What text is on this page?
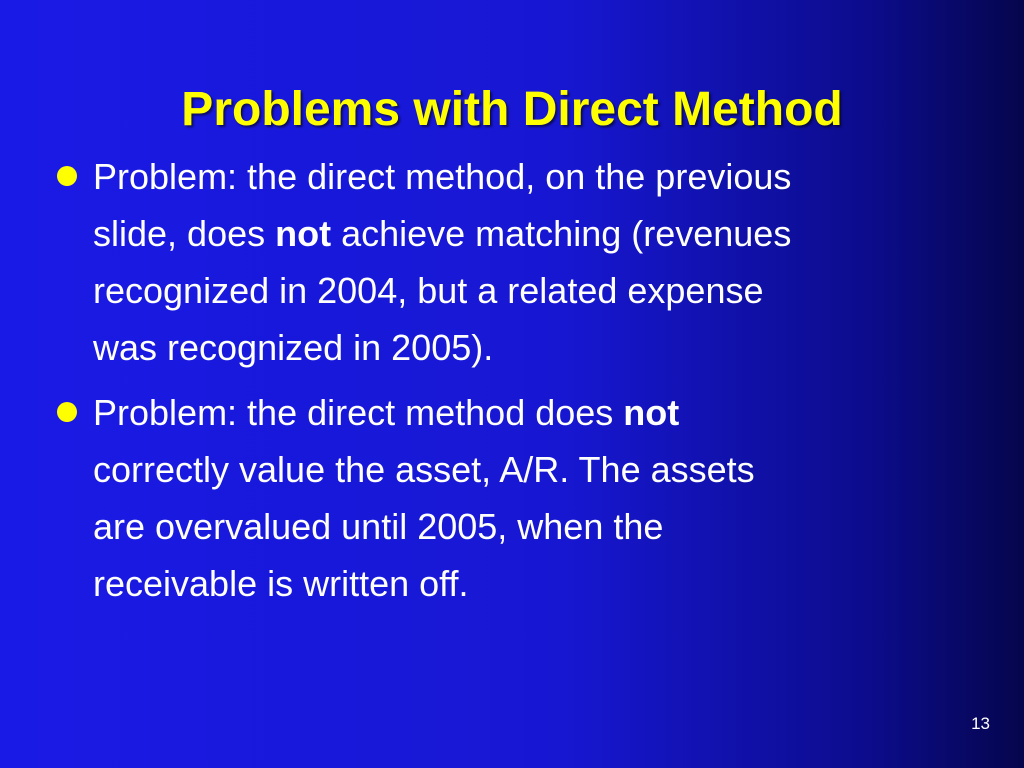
Problems with Direct Method
Problem: the direct method, on the previous
slide, does not achieve matching (revenues
recognized in 2004, but a related expense
was recognized in 2005).
Problem: the direct method does not
correctly value the asset, A/R. The assets
are overvalued until 2005, when the
receivable is written off.
13
